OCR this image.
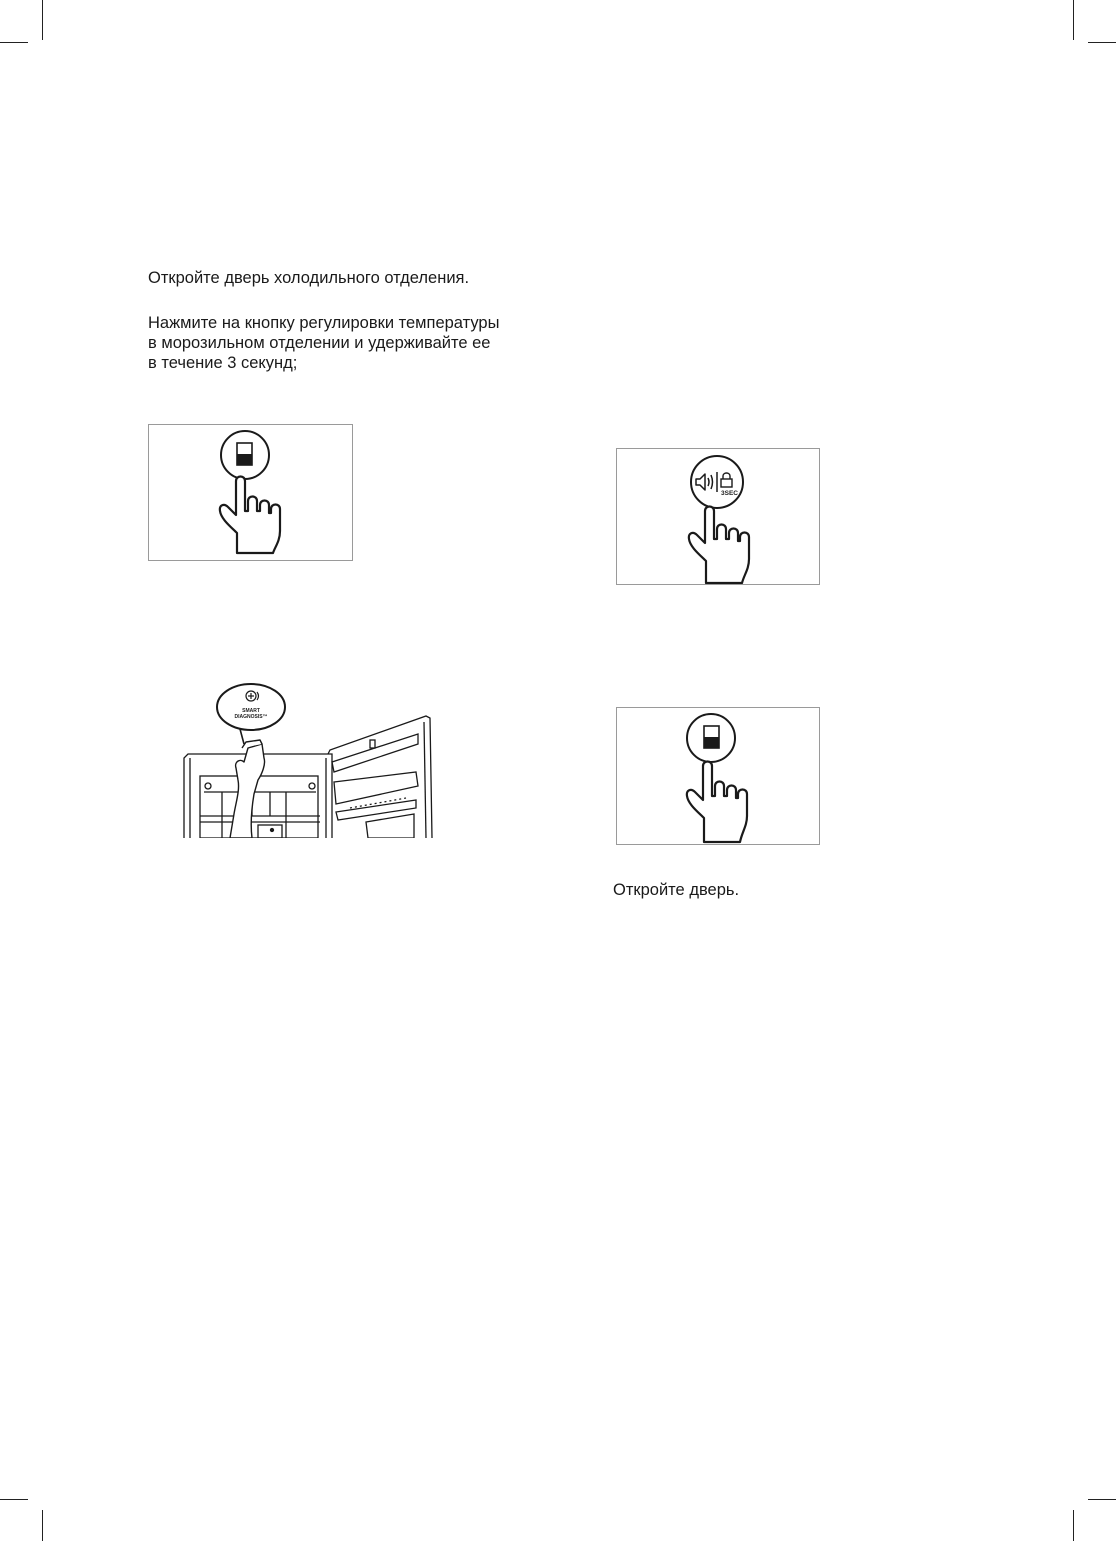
Откройте дверь холодильного отделения.
Нажмите на кнопку регулировки температуры
в морозильном отделении и удерживайте ее
в течение 3 секунд;
Откройте дверь.
3SEC
SMART
DIAGNOSIS™
